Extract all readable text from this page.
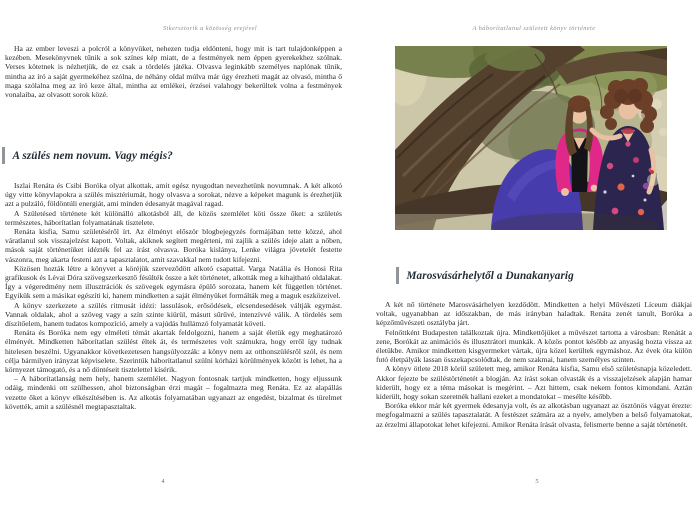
Sikersztorik a közösség erejével

Ha az ember leveszi a polcról a könyvüket, nehezen tudja eldönteni, hogy mit is tart tulajdonképpen a kezében. Mesekönyvnek tűnik a sok színes kép miatt, de a festmények nem éppen gyerekekhez szólnak. Verses kötetnek is nézhetjük, de ez csak a tördelés játéka. Olvasva leginkább személyes naplónak tűnik, mintha az író a saját gyermekéhez szólna, de néhány oldal múlva már úgy érezheti magát az olvasó, mintha ő maga szólalna meg az író keze által, mintha az emlékei, érzései valahogy bekerültek volna a festmények vonalaiba, az olvasott sorok közé.

A szülés nem novum. Vagy mégis?

Iszlai Renáta és Csibi Boróka olyat alkottak, amit egész nyugodtan nevezhetünk novumnak. A két alkotó úgy vitte könyvlapokra a szülés misztériumát, hogy olvasva a sorokat, nézve a képeket magunk is érezhetjük azt a pulzáló, földöntúli energiát, ami minden édesanyát magával ragad.

A Születésed története két különálló alkotásból áll, de közös szemlélet köti össze őket: a születés természetes, háborítatlan folyamatának tisztelete.

Renáta kisfia, Samu születéséről írt. Az élményt először blogbejegyzés formájában tette közzé, ahol váratlanul sok visszajelzést kapott. Voltak, akiknek segített megérteni, mi zajlik a szülés ideje alatt a nőben, mások saját történetüket idézték fel az írást olvasva. Boróka kislánya, Lenke világra jövetelét festette vászonra, meg akarta festeni azt a tapasztalatot, amit szavakkal nem tudott kifejezni.

Közösen hozták létre a könyvet a köréjük szerveződött alkotó csapattal. Varga Natália és Honosi Rita grafikusok és Lévai Dóra szövegszerkesztő fésülték össze a két történetet, alkották meg a kihajtható oldalakat. Így a végeredmény nem illusztrációk és szövegek egymásra épülő sorozata, hanem két független történet. Egyikük sem a másikat egészíti ki, hanem mindketten a saját élményüket formálták meg a maguk eszközeivel.

A könyv szerkezete a szülés ritmusát idézi: lassulások, erősödések, elcsendesedések váltják egymást. Vannak oldalak, ahol a szöveg vagy a szín szinte kiürül, másutt sűrűvé, intenzívvé válik. A tördelés sem díszítőelem, hanem tudatos kompozíció, amely a vajúdás hullámzó folyamatát követi.

Renáta és Boróka nem egy elméleti témát akartak feldolgozni, hanem a saját életük egy meghatározó élményét. Mindketten háborítatlan szülést éltek át, és természetes volt számukra, hogy erről így tudnak hitelesen beszélni. Ugyanakkor következetesen hangsúlyozzák: a könyv nem az otthonszülésről szól, és nem célja bármilyen irányzat képviselete. Szerintük háborítatlanul szülni kórházi körülmények között is lehet, ha a környezet támogató, és a nő döntéseit tisztelettel kísérik.

– A háborítatlanság nem hely, hanem szemlélet. Nagyon fontosnak tartjuk mindketten, hogy eljussunk odáig, mindenki ott szülhessen, ahol biztonságban érzi magát – fogalmazta meg Renáta. Ez az alapállás vezette őket a könyv elkészítésében is. Az alkotás folyamatában ugyanazt az engedést, bizalmat és türelmet követték, amit a szülésnél megtapasztaltak.

4
A háborítatlanul született könyv története
Marosvásárhelytől a Dunakanyarig

A két nő története Marosvásárhelyen kezdődött. Mindketten a helyi Művészeti Líceum diákjai voltak, ugyanabban az időszakban, de más irányban haladtak. Renáta zenét tanult, Boróka a képzőművészeti osztályba járt.

Felnőttként Budapesten találkoztak újra. Mindkettőjüket a művészet tartotta a városban: Renátát a zene, Borókát az animációs és illusztrátori munkák. A közös pontot később az anyaság hozta vissza az életükbe. Amikor mindketten kisgyermeket vártak, újra közel kerültek egymáshoz. Az évek óta külön futó életpályák lassan összekapcsolódtak, de nem szakmai, hanem személyes szinten.

A könyv ötlete 2018 körül született meg, amikor Renáta kisfia, Samu első születésnapja közeledett. Akkor fejezte be szüléstörténetét a blogján. Az írást sokan olvasták és a visszajelzések alapján hamar kiderült, hogy ez a téma másokat is megérint. – Azt hittem, csak nekem fontos kimondani. Aztán kiderült, hogy sokan szeretnék hallani ezeket a mondatokat – mesélte később.

Boróka ekkor már két gyermek édesanyja volt, és az alkotásban ugyanazt az ösztönös vágyat érezte: megfogalmazni a szülés tapasztalatát. A festészet számára az a nyelv, amelyben a belső folyamatokat, az érzelmi állapotokat lehet kifejezni. Amikor Renáta írását olvasta, felismerte benne a saját történetét.

5
